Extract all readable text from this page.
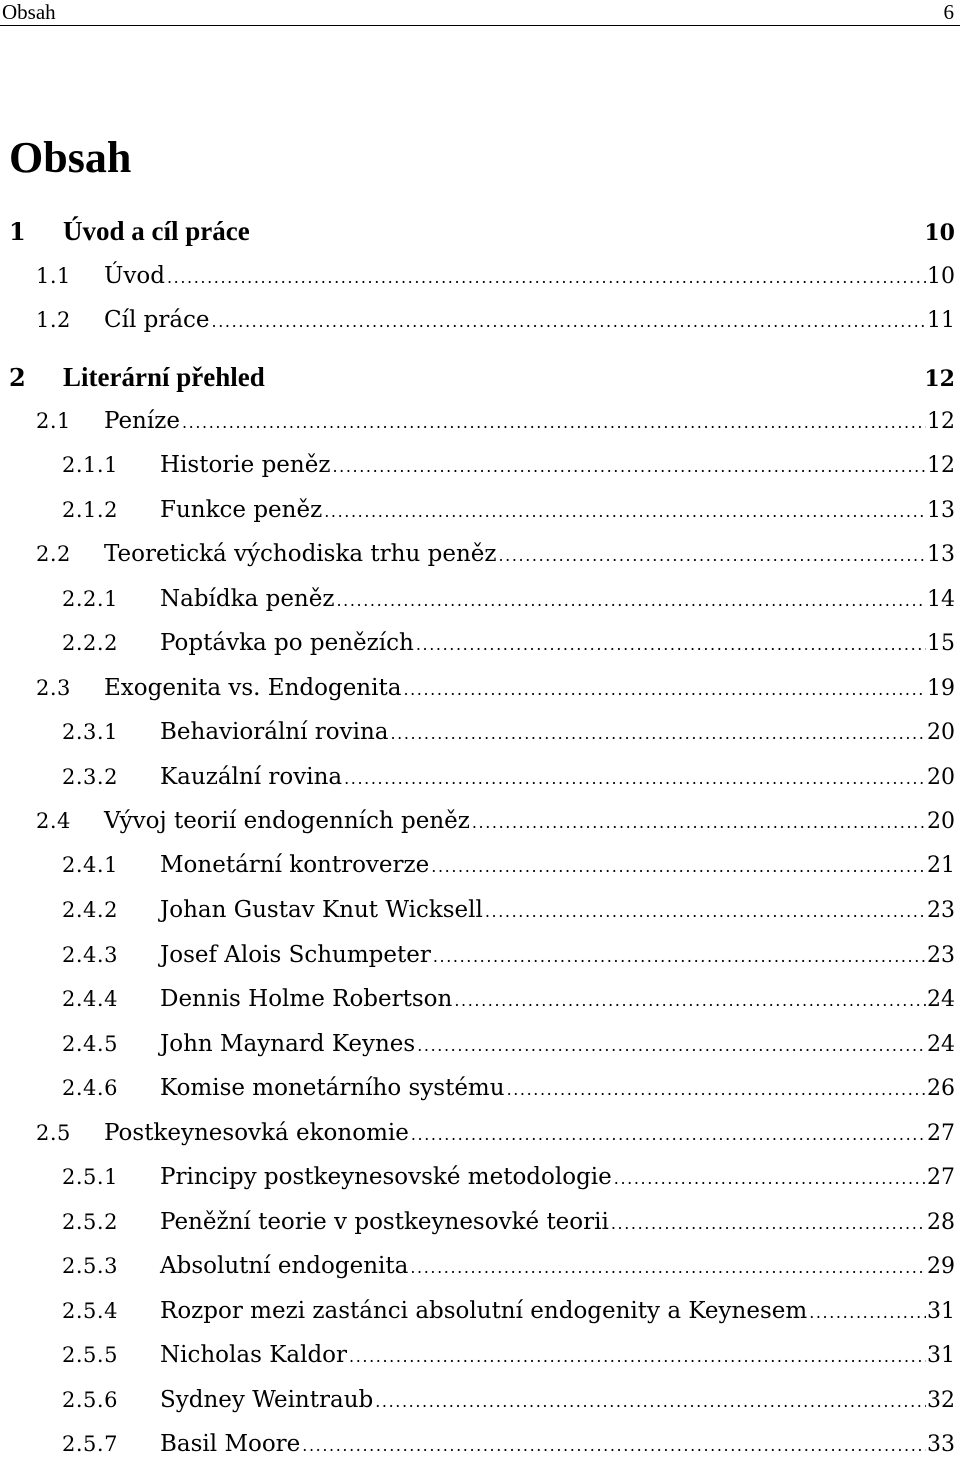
Obsah	6
Obsah
1	Úvod a cíl práce	10
1.1	Úvod .....	10
1.2	Cíl práce .....	11
2	Literární přehled	12
2.1	Peníze .....	12
2.1.1	Historie peněz .....	12
2.1.2	Funkce peněz .....	13
2.2	Teoretická východiska trhu peněz .....	13
2.2.1	Nabídka peněz .....	14
2.2.2	Poptávka po penězích .....	15
2.3	Exogenita vs. Endogenita .....	19
2.3.1	Behaviorální rovina .....	20
2.3.2	Kauzální rovina .....	20
2.4	Vývoj teorií endogenních peněz .....	20
2.4.1	Monetární kontroverze .....	21
2.4.2	Johan Gustav Knut Wicksell .....	23
2.4.3	Josef Alois Schumpeter .....	23
2.4.4	Dennis Holme Robertson .....	24
2.4.5	John Maynard Keynes .....	24
2.4.6	Komise monetárního systému .....	26
2.5	Postkeynesovká ekonomie .....	27
2.5.1	Principy postkeynesovské metodologie .....	27
2.5.2	Peněžní teorie v postkeynesovké teorii .....	28
2.5.3	Absolutní endogenita .....	29
2.5.4	Rozpor mezi zastánci absolutní endogenity a Keynesem .....	31
2.5.5	Nicholas Kaldor .....	31
2.5.6	Sydney Weintraub .....	32
2.5.7	Basil Moore .....	33
